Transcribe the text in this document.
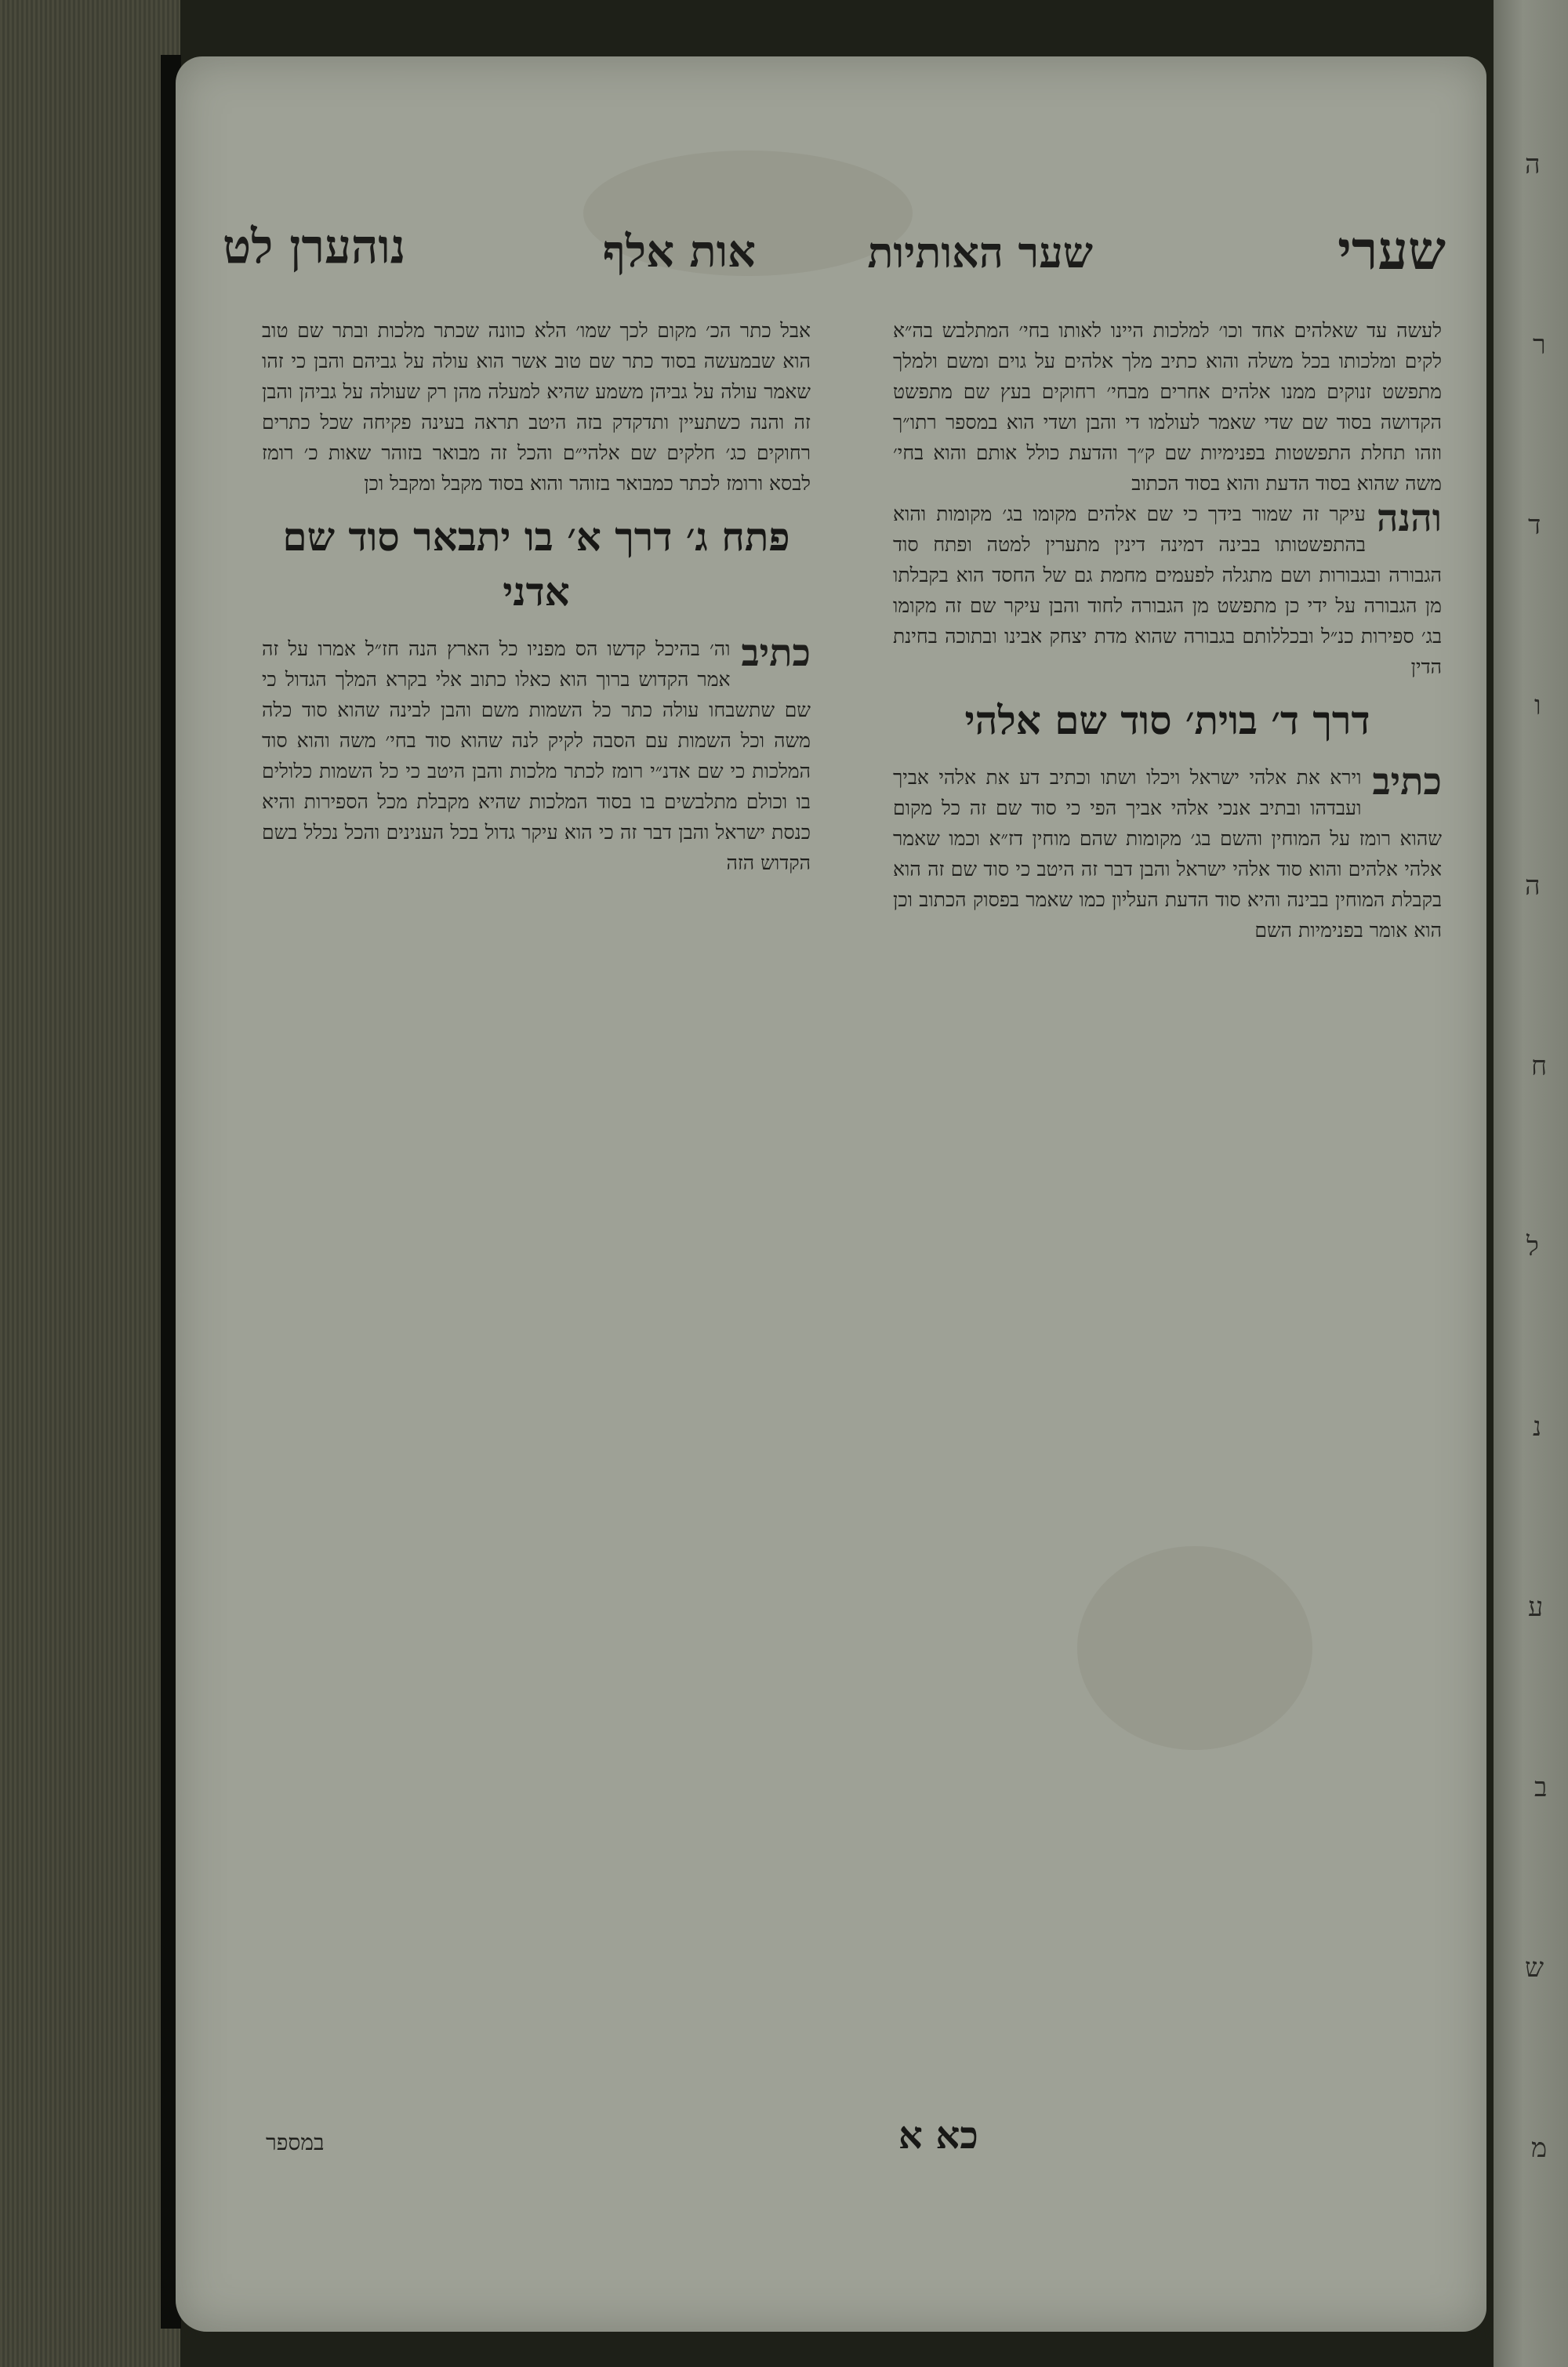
ה
ר
ד
ו
ה
ח
ל
נ
ע
ב
ש
מ
שערי
שער האותיות
אות אלף
נוהערן לט

לעשה עד שאלהים אחד וכו׳ למלכות היינו לאותו בחי׳ המתלבש בה״א לקים ומלכותו בכל משלה והוא כתיב מלך אלהים על גוים ומשם ולמלך מתפשט זנוקים ממנו אלהים אחרים מבחי׳ רחוקים בעץ שם מתפשט הקדושה בסוד שם שדי שאמר לעולמו די והבן ושדי הוא במספר רתו״ך וזהו תחלת התפשטות בפנימיות שם ק״ך והדעת כולל אותם והוא בחי׳ משה שהוא בסוד הדעת והוא בסוד הכתוב

והנה
עיקר זה שמור בידך כי שם אלהים מקומו בג׳ מקומות והוא בהתפשטותו בבינה דמינה דינין מתערין למטה ופתח סוד הגבורה ובגבורות ושם מתגלה לפעמים מחמת גם של החסד הוא בקבלתו מן הגבורה על ידי כן מתפשט מן הגבורה לחוד והבן עיקר שם זה מקומו בג׳ ספירות כנ״ל ובכללותם בגבורה שהוא מדת יצחק אבינו ובתוכה בחינת הדין

דרך ד׳ בוית׳ סוד שם אלהי

כתיב
וירא את אלהי ישראל ויכלו ושתו וכתיב דע את אלהי אביך ועבדהו ובתיב אנכי אלהי אביך הפי כי סוד שם זה כל מקום שהוא רומז על המוחין והשם בג׳ מקומות שהם מוחין דז״א וכמו שאמר אלהי אלהים והוא סוד אלהי ישראל והבן דבר זה היטב כי סוד שם זה הוא בקבלת המוחין בבינה והיא סוד הדעת העליון כמו שאמר בפסוק הכתוב וכן הוא אומר בפנימיות השם

אבל כתר הכ׳ מקום לכך שמו׳ הלא כוונה שכתר מלכות ובתר שם טוב הוא שבמעשה בסוד כתר שם טוב אשר הוא עולה על גביהם והבן כי זהו שאמר עולה על גביהן משמע שהיא למעלה מהן רק שעולה על גביהן והבן זה והנה כשתעיין ותדקדק בזה היטב תראה בעינה פקיחה שכל כתרים רחוקים כג׳ חלקים שם אלהי״ם והכל זה מבואר בזוהר שאות כ׳ רומז לבסא ורומז לכתר כמבואר בזוהר והוא בסוד מקבל ומקבל וכן

פתח ג׳ דרך א׳ בו יתבאר סוד שם אדני

כתיב
וה׳ בהיכל קדשו הס מפניו כל הארץ הנה חז״ל אמרו על זה אמר הקדוש ברוך הוא כאלו כתוב אלי בקרא המלך הגדול כי שם שתשבחו עולה כתר כל השמות משם והבן לבינה שהוא סוד כלה משה וכל השמות עם הסבה לקיק לנה שהוא סוד בחי׳ משה והוא סוד המלכות כי שם אדנ״י רומז לכתר מלכות והבן היטב כי כל השמות כלולים בו וכולם מתלבשים בו בסוד המלכות שהיא מקבלת מכל הספירות והיא כנסת ישראל והבן דבר זה כי הוא עיקר גדול בכל הענינים והכל נכלל בשם הקדוש הזה

במספר	כא א
